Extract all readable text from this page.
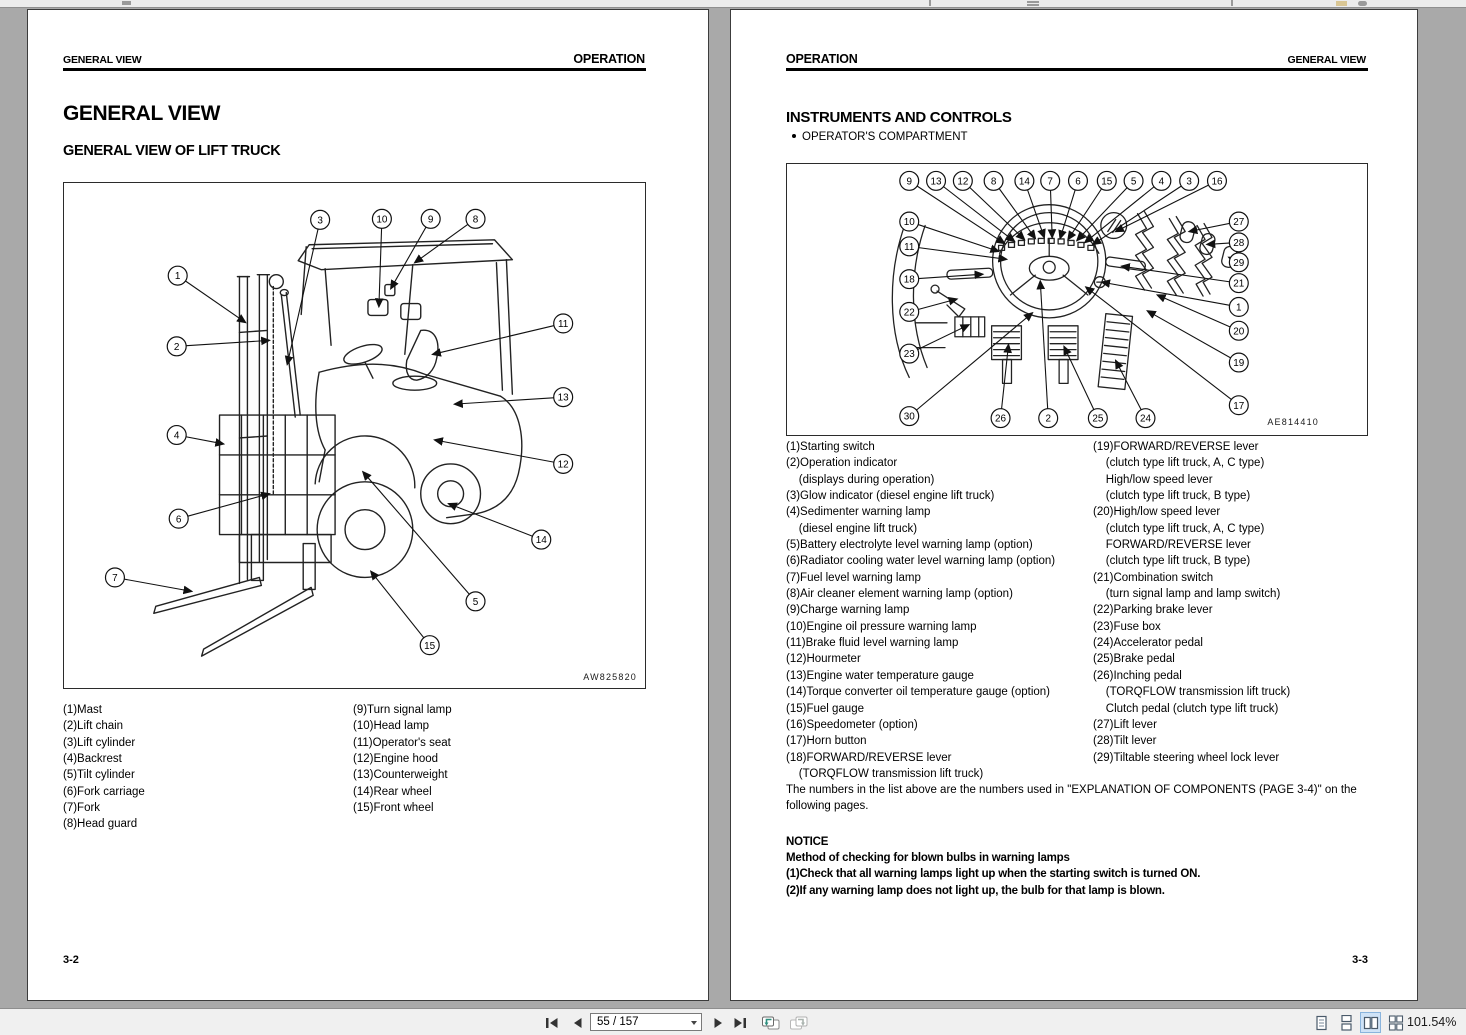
GENERAL VIEW	OPERATION
GENERAL VIEW
GENERAL VIEW OF LIFT TRUCK
1
2
3
4
5
6
7
8
9
10
11
12
13
14
15
AW825820
(1)Mast
(2)Lift chain
(3)Lift cylinder
(4)Backrest
(5)Tilt cylinder
(6)Fork carriage
(7)Fork
(8)Head guard
(9)Turn signal lamp
(10)Head lamp
(11)Operator's seat
(12)Engine hood
(13)Counterweight
(14)Rear wheel
(15)Front wheel
3-2
OPERATION	GENERAL VIEW
INSTRUMENTS AND CONTROLS
OPERATOR'S COMPARTMENT
9 13 12 8 14 7 6 15 5 4 3 16
10
11
18
22
23
30
27
28
29
21
1
20
19
17
26	2	25	24	AE814410
(1)Starting switch
(2)Operation indicator
(displays during operation)
(3)Glow indicator (diesel engine lift truck)
(4)Sedimenter warning lamp
(diesel engine lift truck)
(5)Battery electrolyte level warning lamp (option)
(6)Radiator cooling water level warning lamp (option)
(7)Fuel level warning lamp
(8)Air cleaner element warning lamp (option)
(9)Charge warning lamp
(10)Engine oil pressure warning lamp
(11)Brake fluid level warning lamp
(12)Hourmeter
(13)Engine water temperature gauge
(14)Torque converter oil temperature gauge (option)
(15)Fuel gauge
(16)Speedometer (option)
(17)Horn button
(18)FORWARD/REVERSE lever
(TORQFLOW transmission lift truck)
(19)FORWARD/REVERSE lever
(clutch type lift truck, A, C type)
High/low speed lever
(clutch type lift truck, B type)
(20)High/low speed lever
(clutch type lift truck, A, C type)
FORWARD/REVERSE lever
(clutch type lift truck, B type)
(21)Combination switch
(turn signal lamp and lamp switch)
(22)Parking brake lever
(23)Fuse box
(24)Accelerator pedal
(25)Brake pedal
(26)Inching pedal
(TORQFLOW transmission lift truck)
Clutch pedal (clutch type lift truck)
(27)Lift lever
(28)Tilt lever
(29)Tiltable steering wheel lock lever
The numbers in the list above are the numbers used in "EXPLANATION OF COMPONENTS (PAGE 3-4)" on the following pages.
NOTICE
Method of checking for blown bulbs in warning lamps
(1)Check that all warning lamps light up when the starting switch is turned ON.
(2)If any warning lamp does not light up, the bulb for that lamp is blown.
3-3
55 / 157
101.54%
